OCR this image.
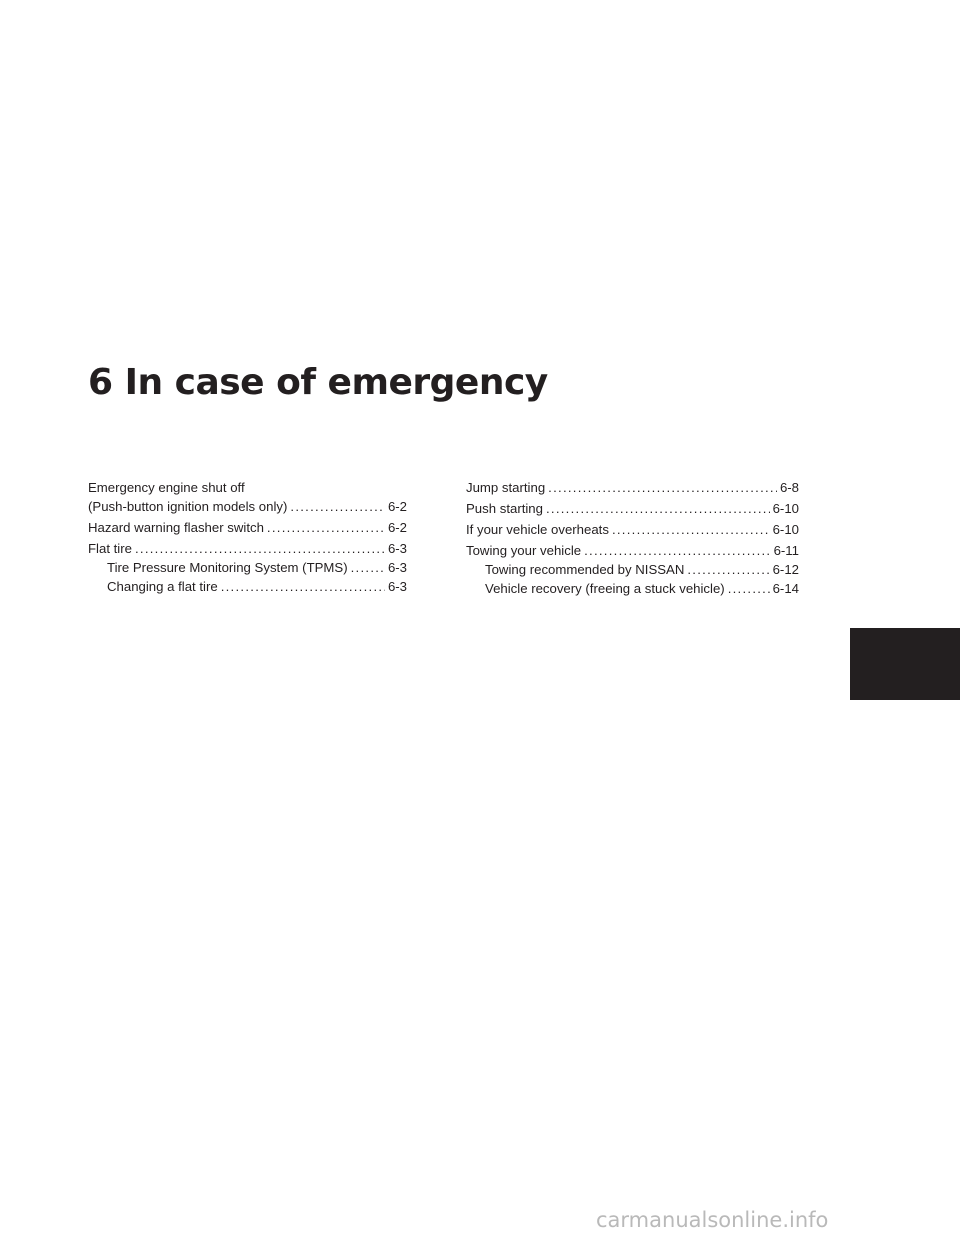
6 In case of emergency
Emergency engine shut off
(Push-button ignition models only) . . .	6-2
Hazard warning flasher switch . . .	6-2
Flat tire . . .	6-3
Tire Pressure Monitoring System (TPMS) . . .	6-3
Changing a flat tire . . .	6-3
Jump starting . . .	6-8
Push starting . . .	6-10
If your vehicle overheats . . .	6-10
Towing your vehicle . . .	6-11
Towing recommended by NISSAN . . .	6-12
Vehicle recovery (freeing a stuck vehicle) . . .	6-14
carmanualsonline.info
